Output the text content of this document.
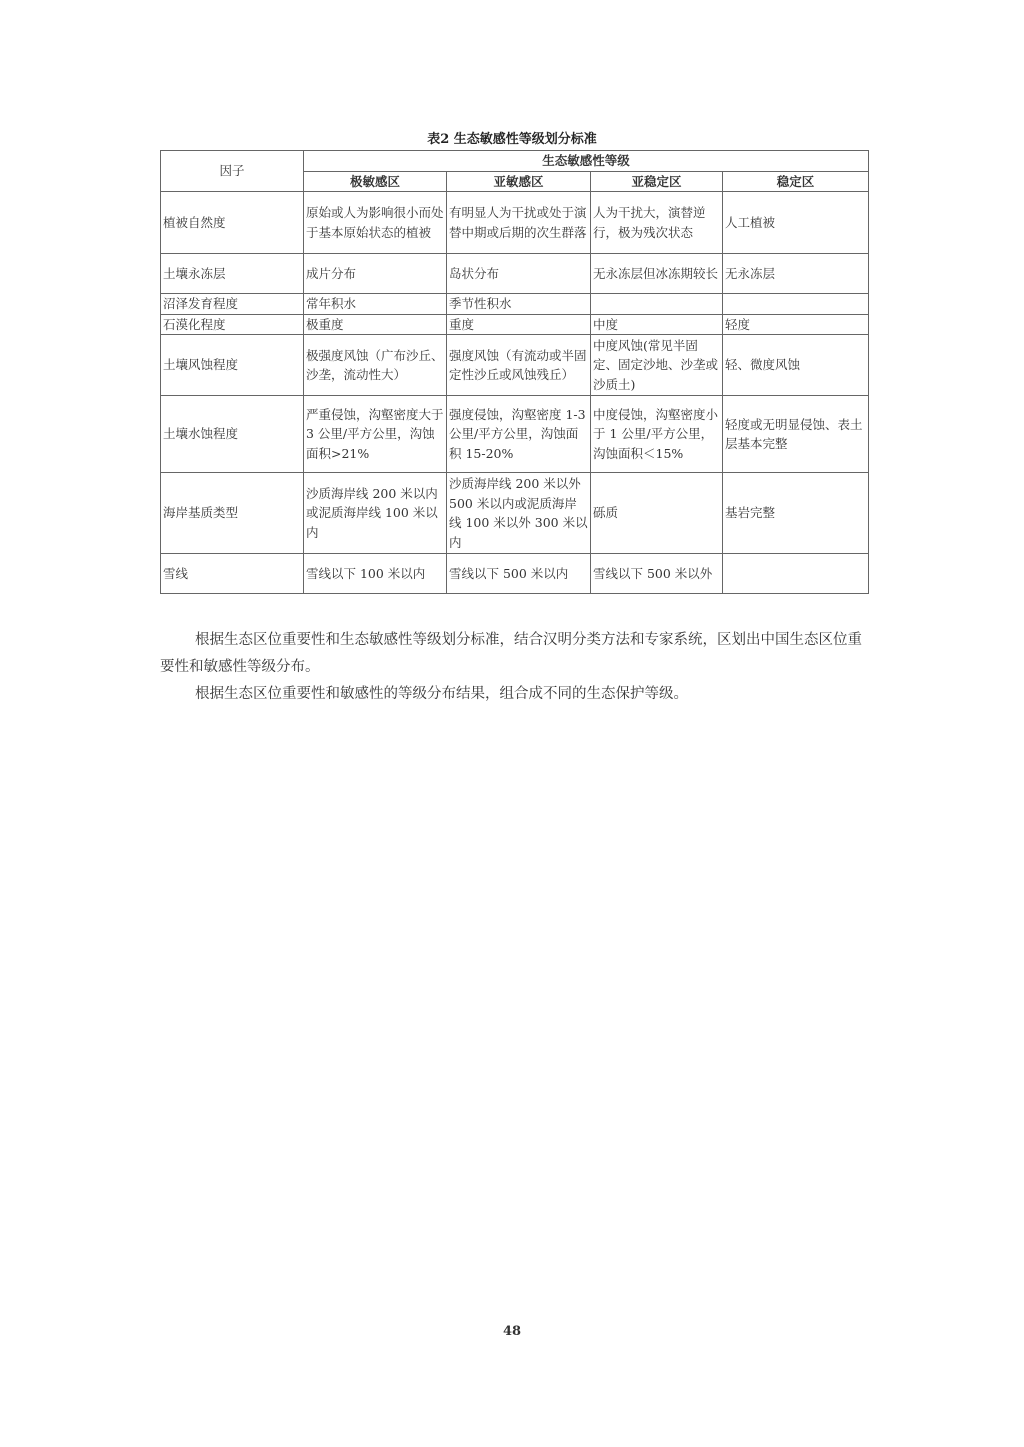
表2 生态敏感性等级划分标准
因子	生态敏感性等级			
	极敏感区	亚敏感区	亚稳定区	稳定区
植被自然度	原始或人为影响很小而处于基本原始状态的植被	有明显人为干扰或处于演替中期或后期的次生群落	人为干扰大，演替逆行，极为残次状态	人工植被
土壤永冻层	成片分布	岛状分布	无永冻层但冰冻期较长	无永冻层
沼泽发育程度	常年积水	季节性积水		
石漠化程度	极重度	重度	中度	轻度
土壤风蚀程度	极强度风蚀（广布沙丘、沙垄，流动性大）	强度风蚀（有流动或半固定性沙丘或风蚀残丘）	中度风蚀(常见半固定、固定沙地、沙垄或沙质土)	轻、微度风蚀
土壤水蚀程度	严重侵蚀，沟壑密度大于 3 公里/平方公里，沟蚀面积>21%	强度侵蚀，沟壑密度 1-3 公里/平方公里，沟蚀面积 15-20%	中度侵蚀，沟壑密度小于 1 公里/平方公里，沟蚀面积＜15%	轻度或无明显侵蚀、表土层基本完整
海岸基质类型	沙质海岸线 200 米以内或泥质海岸线 100 米以内	沙质海岸线 200 米以外 500 米以内或泥质海岸线 100 米以外 300 米以内	砾质	基岩完整
雪线	雪线以下 100 米以内	雪线以下 500 米以内	雪线以下 500 米以外	
根据生态区位重要性和生态敏感性等级划分标准，结合汉明分类方法和专家系统，区划出中国生态区位重要性和敏感性等级分布。
根据生态区位重要性和敏感性的等级分布结果，组合成不同的生态保护等级。
48
